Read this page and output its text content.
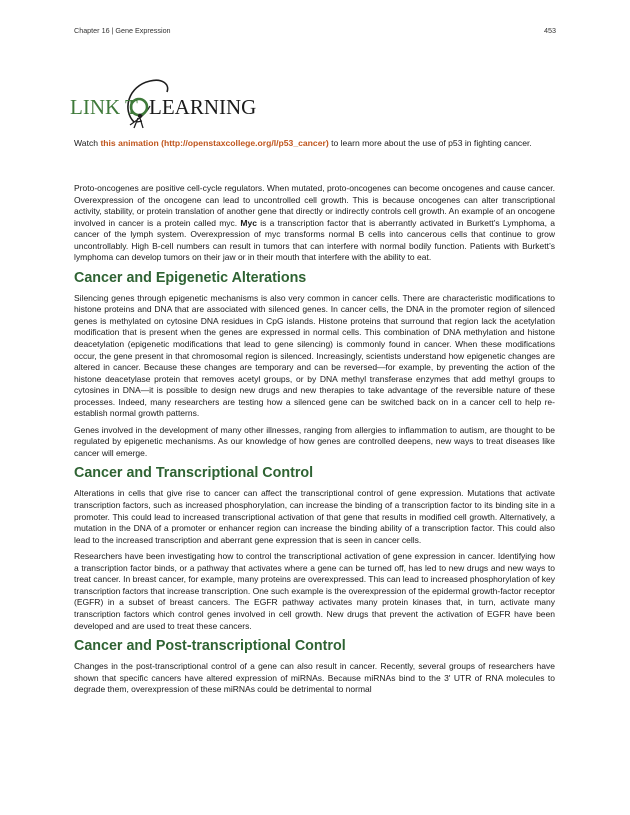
Chapter 16 | Gene Expression	453
LINK T LEARNING
Watch this animation (http://openstaxcollege.org/l/p53_cancer) to learn more about the use of p53 in fighting cancer.

Proto-oncogenes are positive cell-cycle regulators. When mutated, proto-oncogenes can become oncogenes and cause cancer. Overexpression of the oncogene can lead to uncontrolled cell growth. This is because oncogenes can alter transcriptional activity, stability, or protein translation of another gene that directly or indirectly controls cell growth. An example of an oncogene involved in cancer is a protein called myc. Myc is a transcription factor that is aberrantly activated in Burkett’s Lymphoma, a cancer of the lymph system. Overexpression of myc transforms normal B cells into cancerous cells that continue to grow uncontrollably. High B-cell numbers can result in tumors that can interfere with normal bodily function. Patients with Burkett’s lymphoma can develop tumors on their jaw or in their mouth that interfere with the ability to eat.

Cancer and Epigenetic Alterations

Silencing genes through epigenetic mechanisms is also very common in cancer cells. There are characteristic modifications to histone proteins and DNA that are associated with silenced genes. In cancer cells, the DNA in the promoter region of silenced genes is methylated on cytosine DNA residues in CpG islands. Histone proteins that surround that region lack the acetylation modification that is present when the genes are expressed in normal cells. This combination of DNA methylation and histone deacetylation (epigenetic modifications that lead to gene silencing) is commonly found in cancer. When these modifications occur, the gene present in that chromosomal region is silenced. Increasingly, scientists understand how epigenetic changes are altered in cancer. Because these changes are temporary and can be reversed—for example, by preventing the action of the histone deacetylase protein that removes acetyl groups, or by DNA methyl transferase enzymes that add methyl groups to cytosines in DNA—it is possible to design new drugs and new therapies to take advantage of the reversible nature of these processes. Indeed, many researchers are testing how a silenced gene can be switched back on in a cancer cell to help re-establish normal growth patterns.

Genes involved in the development of many other illnesses, ranging from allergies to inflammation to autism, are thought to be regulated by epigenetic mechanisms. As our knowledge of how genes are controlled deepens, new ways to treat diseases like cancer will emerge.

Cancer and Transcriptional Control

Alterations in cells that give rise to cancer can affect the transcriptional control of gene expression. Mutations that activate transcription factors, such as increased phosphorylation, can increase the binding of a transcription factor to its binding site in a promoter. This could lead to increased transcriptional activation of that gene that results in modified cell growth. Alternatively, a mutation in the DNA of a promoter or enhancer region can increase the binding ability of a transcription factor. This could also lead to the increased transcription and aberrant gene expression that is seen in cancer cells.

Researchers have been investigating how to control the transcriptional activation of gene expression in cancer. Identifying how a transcription factor binds, or a pathway that activates where a gene can be turned off, has led to new drugs and new ways to treat cancer. In breast cancer, for example, many proteins are overexpressed. This can lead to increased phosphorylation of key transcription factors that increase transcription. One such example is the overexpression of the epidermal growth-factor receptor (EGFR) in a subset of breast cancers. The EGFR pathway activates many protein kinases that, in turn, activate many transcription factors which control genes involved in cell growth. New drugs that prevent the activation of EGFR have been developed and are used to treat these cancers.

Cancer and Post-transcriptional Control

Changes in the post-transcriptional control of a gene can also result in cancer. Recently, several groups of researchers have shown that specific cancers have altered expression of miRNAs. Because miRNAs bind to the 3' UTR of RNA molecules to degrade them, overexpression of these miRNAs could be detrimental to normal
